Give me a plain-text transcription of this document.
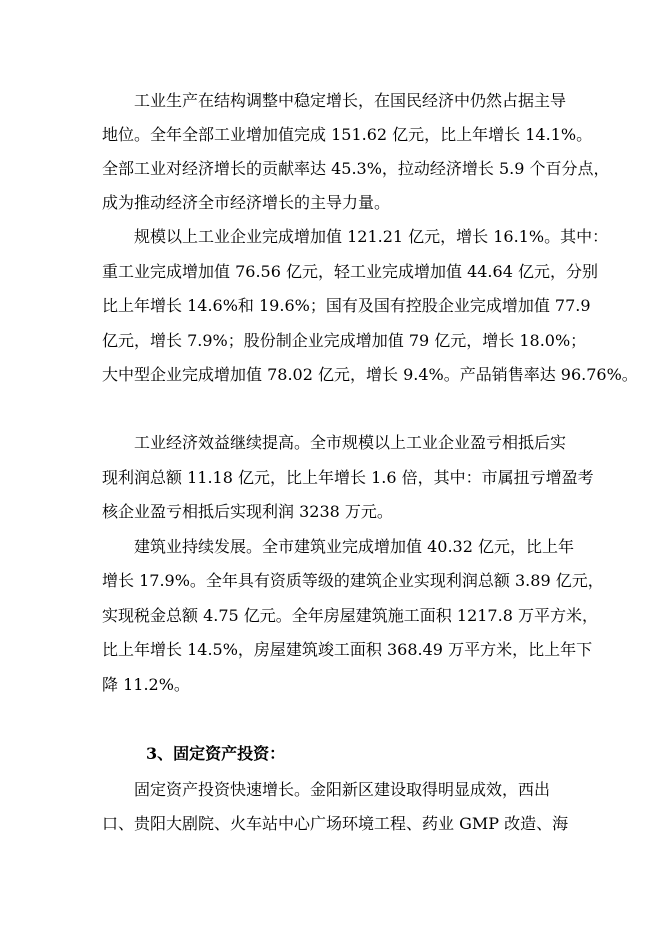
工业生产在结构调整中稳定增长，在国民经济中仍然占据主导
地位。全年全部工业增加值完成 151.62 亿元，比上年增长 14.1%。
全部工业对经济增长的贡献率达 45.3%，拉动经济增长 5.9 个百分点，
成为推动经济全市经济增长的主导力量。
规模以上工业企业完成增加值 121.21 亿元，增长 16.1%。其中：
重工业完成增加值 76.56 亿元，轻工业完成增加值 44.64 亿元，分别
比上年增长 14.6%和 19.6%；国有及国有控股企业完成增加值 77.9
亿元，增长 7.9%；股份制企业完成增加值 79 亿元，增长 18.0%；
大中型企业完成增加值 78.02 亿元，增长 9.4%。产品销售率达 96.76%。
工业经济效益继续提高。全市规模以上工业企业盈亏相抵后实
现利润总额 11.18 亿元，比上年增长 1.6 倍，其中：市属扭亏增盈考
核企业盈亏相抵后实现利润 3238 万元。
建筑业持续发展。全市建筑业完成增加值 40.32 亿元，比上年
增长 17.9%。全年具有资质等级的建筑企业实现利润总额 3.89 亿元，
实现税金总额 4.75 亿元。全年房屋建筑施工面积 1217.8 万平方米，
比上年增长 14.5%，房屋建筑竣工面积 368.49 万平方米，比上年下
降 11.2%。
3、固定资产投资：
固定资产投资快速增长。金阳新区建设取得明显成效，西出
口、贵阳大剧院、火车站中心广场环境工程、药业 GMP 改造、海
